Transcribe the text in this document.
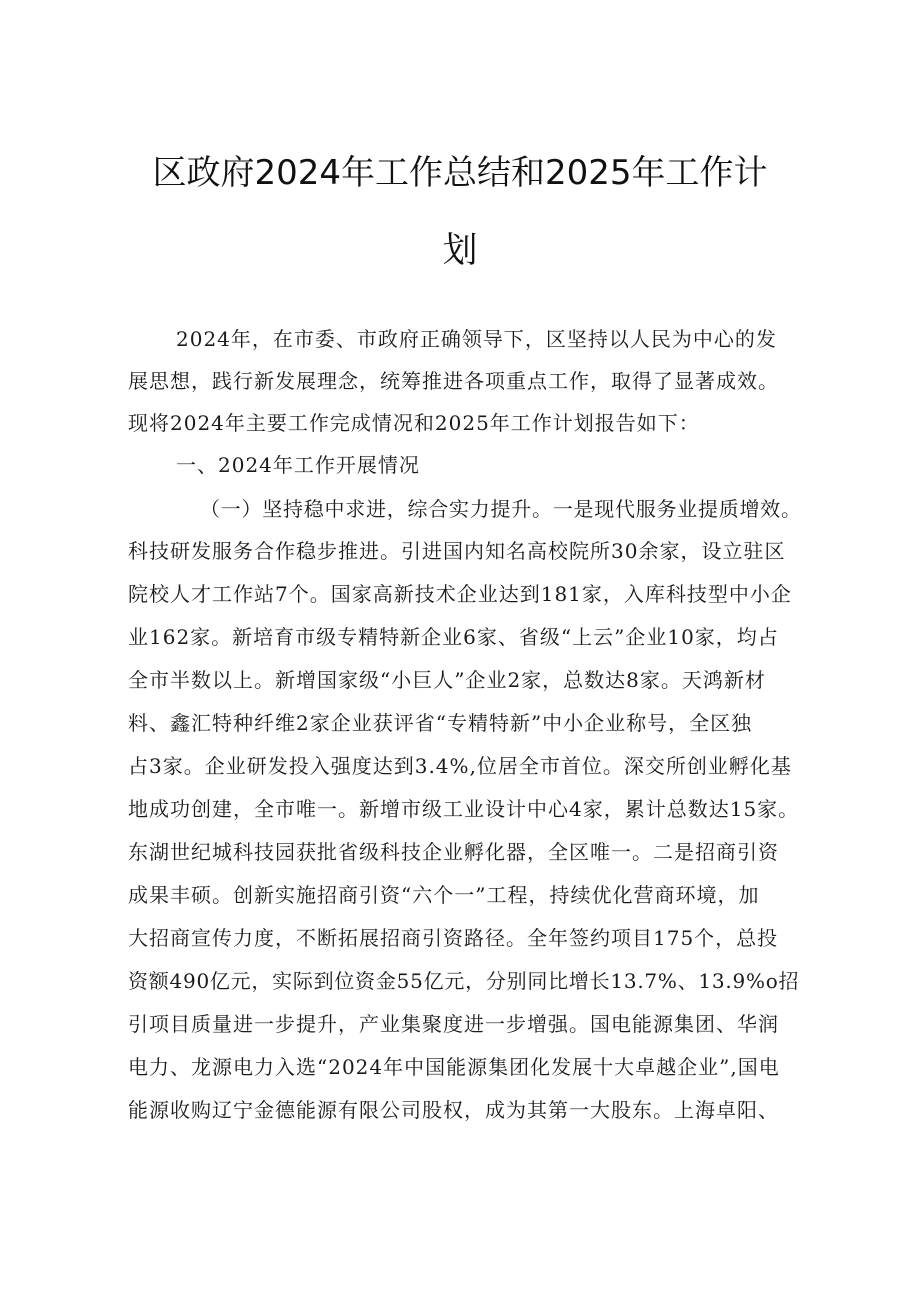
区政府2024年工作总结和2025年工作计
划
2024年，在市委、市政府正确领导下，区坚持以人民为中心的发
展思想，践行新发展理念，统筹推进各项重点工作，取得了显著成效。
现将2024年主要工作完成情况和2025年工作计划报告如下：
一、2024年工作开展情况
（一）坚持稳中求进，综合实力提升。一是现代服务业提质增效。
科技研发服务合作稳步推进。引进国内知名高校院所30余家，设立驻区
院校人才工作站7个。国家高新技术企业达到181家，入库科技型中小企
业162家。新培育市级专精特新企业6家、省级“上云”企业10家，均占
全市半数以上。新增国家级“小巨人”企业2家，总数达8家。天鸿新材
料、鑫汇特种纤维2家企业获评省“专精特新”中小企业称号，全区独
占3家。企业研发投入强度达到3.4%,位居全市首位。深交所创业孵化基
地成功创建，全市唯一。新增市级工业设计中心4家，累计总数达15家。
东湖世纪城科技园获批省级科技企业孵化器，全区唯一。二是招商引资
成果丰硕。创新实施招商引资“六个一”工程，持续优化营商环境，加
大招商宣传力度，不断拓展招商引资路径。全年签约项目175个，总投
资额490亿元，实际到位资金55亿元，分别同比增长13.7%、13.9%o招
引项目质量进一步提升，产业集聚度进一步增强。国电能源集团、华润
电力、龙源电力入选“2024年中国能源集团化发展十大卓越企业”,国电
能源收购辽宁金德能源有限公司股权，成为其第一大股东。上海卓阳、
